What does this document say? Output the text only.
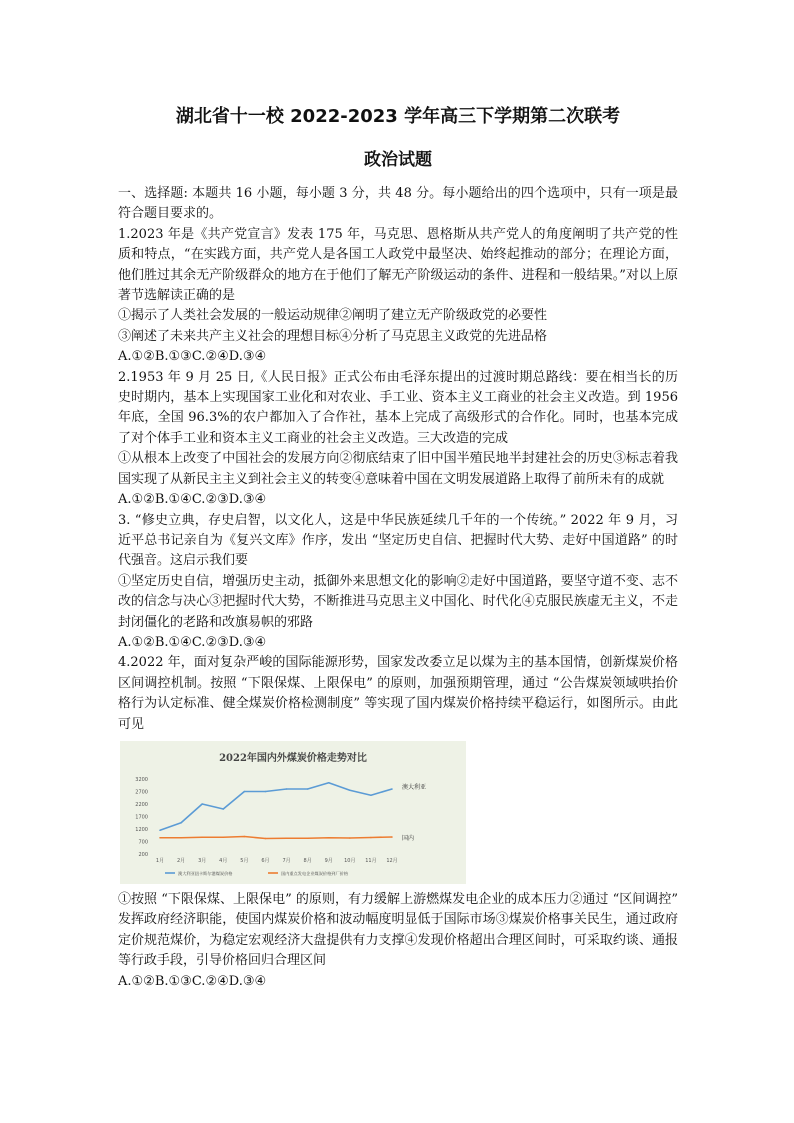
湖北省十一校 2022-2023 学年高三下学期第二次联考
政治试题

一、选择题: 本题共 16 小题，每小题 3 分，共 48 分。每小题给出的四个选项中，只有一项是最符合题目要求的。

1.2023 年是《共产党宣言》发表 175 年，马克思、恩格斯从共产党人的角度阐明了共产党的性质和特点，“在实践方面，共产党人是各国工人政党中最坚决、始终起推动的部分；在理论方面，他们胜过其余无产阶级群众的地方在于他们了解无产阶级运动的条件、进程和一般结果。”对以上原著节选解读正确的是

①揭示了人类社会发展的一般运动规律②阐明了建立无产阶级政党的必要性

③阐述了未来共产主义社会的理想目标④分析了马克思主义政党的先进品格

A.①②B.①③C.②④D.③④

2.1953 年 9 月 25 日,《人民日报》正式公布由毛泽东提出的过渡时期总路线：要在相当长的历史时期内，基本上实现国家工业化和对农业、手工业、资本主义工商业的社会主义改造。到 1956 年底，全国 96.3%的农户都加入了合作社，基本上完成了高级形式的合作化。同时，也基本完成了对个体手工业和资本主义工商业的社会主义改造。三大改造的完成

①从根本上改变了中国社会的发展方向②彻底结束了旧中国半殖民地半封建社会的历史③标志着我国实现了从新民主主义到社会主义的转变④意味着中国在文明发展道路上取得了前所未有的成就

A.①②B.①④C.②③D.③④

3. “修史立典，存史启智，以文化人，这是中华民族延续几千年的一个传统。” 2022 年 9 月，习近平总书记亲自为《复兴文库》作序，发出 “坚定历史自信、把握时代大势、走好中国道路” 的时代强音。这启示我们要

①坚定历史自信，增强历史主动，抵御外来思想文化的影响②走好中国道路，要坚守道不变、志不改的信念与决心③把握时代大势，不断推进马克思主义中国化、时代化④克服民族虚无主义，不走封闭僵化的老路和改旗易帜的邪路

A.①②B.①④C.②③D.③④

4.2022 年，面对复杂严峻的国际能源形势，国家发改委立足以煤为主的基本国情，创新煤炭价格区间调控机制。按照 “下限保煤、上限保电” 的原则，加强预期管理，通过 “公告煤炭领域哄抬价格行为认定标准、健全煤炭价格检测制度” 等实现了国内煤炭价格持续平稳运行，如图所示。由此可见

2022年国内外煤炭价格走势对比
200
700
1200
1700
2200
2700
3200
1月	2月	3月	4月	5月	6月	7月	8月	9月 10月 11月 12月
澳大利亚
国内
澳大利亚纽卡斯尔港煤炭价格	国内重点发电企业煤炭价格到厂价格

①按照 “下限保煤、上限保电” 的原则，有力缓解上游燃煤发电企业的成本压力②通过 “区间调控” 发挥政府经济职能，使国内煤炭价格和波动幅度明显低于国际市场③煤炭价格事关民生，通过政府定价规范煤价，为稳定宏观经济大盘提供有力支撑④发现价格超出合理区间时，可采取约谈、通报等行政手段，引导价格回归合理区间

A.①②B.①③C.②④D.③④
